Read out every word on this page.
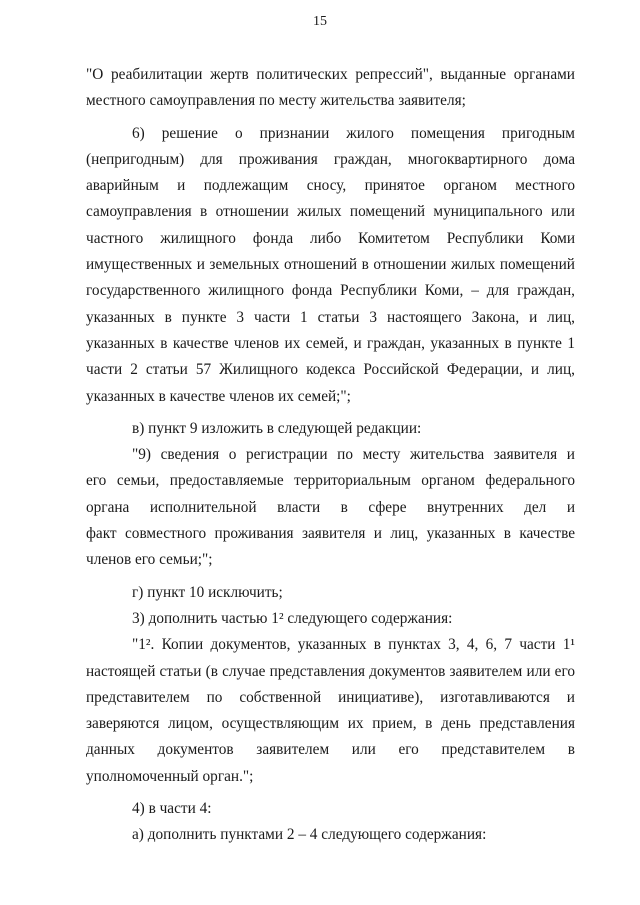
15
"О реабилитации жертв политических репрессий", выданные органами
местного самоуправления по месту жительства заявителя;
6) решение о признании жилого помещения пригодным
(непригодным) для проживания граждан, многоквартирного дома
аварийным и подлежащим сносу, принятое органом местного
самоуправления в отношении жилых помещений муниципального или
частного жилищного фонда либо Комитетом Республики Коми
имущественных и земельных отношений в отношении жилых помещений
государственного жилищного фонда Республики Коми, – для граждан,
указанных в пункте 3 части 1 статьи 3 настоящего Закона, и лиц,
указанных в качестве членов их семей, и граждан, указанных в пункте 1
части 2 статьи 57 Жилищного кодекса Российской Федерации, и лиц,
указанных в качестве членов их семей;";
в) пункт 9 изложить в следующей редакции:
"9) сведения о регистрации по месту жительства заявителя и
его семьи, предоставляемые территориальным органом федерального
органа исполнительной власти в сфере внутренних дел и
факт совместного проживания заявителя и лиц, указанных в качестве
членов его семьи;";
г) пункт 10 исключить;
3) дополнить частью 1² следующего содержания:
"1². Копии документов, указанных в пунктах 3, 4, 6, 7 части 1¹
настоящей статьи (в случае представления документов заявителем или его
представителем по собственной инициативе), изготавливаются и
заверяются лицом, осуществляющим их прием, в день представления
данных документов заявителем или его представителем в
уполномоченный орган.";
4) в части 4:
а) дополнить пунктами 2 – 4 следующего содержания:
